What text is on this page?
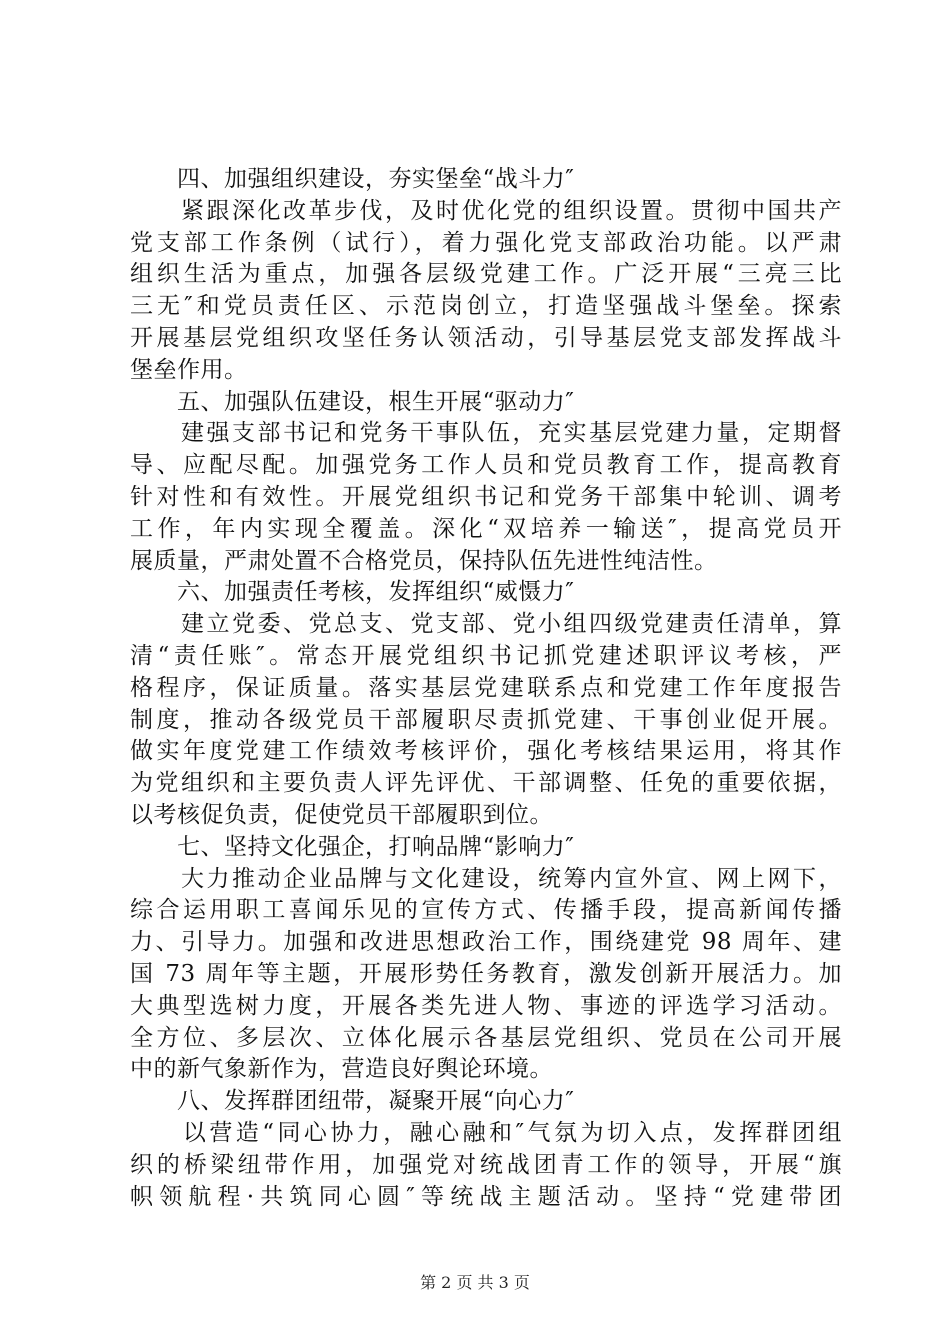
　　四、加强组织建设，夯实堡垒“战斗力″
　　紧跟深化改革步伐，及时优化党的组织设置。贯彻中国共产
党支部工作条例（试行），着力强化党支部政治功能。以严肃
组织生活为重点，加强各层级党建工作。广泛开展“三亮三比
三无″和党员责任区、示范岗创立，打造坚强战斗堡垒。探索
开展基层党组织攻坚任务认领活动，引导基层党支部发挥战斗
堡垒作用。
　　五、加强队伍建设，根生开展“驱动力″
　　建强支部书记和党务干事队伍，充实基层党建力量，定期督
导、应配尽配。加强党务工作人员和党员教育工作，提高教育
针对性和有效性。开展党组织书记和党务干部集中轮训、调考
工作，年内实现全覆盖。深化“双培养一输送″，提高党员开
展质量，严肃处置不合格党员，保持队伍先进性纯洁性。
　　六、加强责任考核，发挥组织“威慑力″
　　建立党委、党总支、党支部、党小组四级党建责任清单，算
清“责任账″。常态开展党组织书记抓党建述职评议考核，严
格程序，保证质量。落实基层党建联系点和党建工作年度报告
制度，推动各级党员干部履职尽责抓党建、干事创业促开展。
做实年度党建工作绩效考核评价，强化考核结果运用，将其作
为党组织和主要负责人评先评优、干部调整、任免的重要依据，
以考核促负责，促使党员干部履职到位。
　　七、坚持文化强企，打响品牌“影响力″
　　大力推动企业品牌与文化建设，统筹内宣外宣、网上网下，
综合运用职工喜闻乐见的宣传方式、传播手段，提高新闻传播
力、引导力。加强和改进思想政治工作，围绕建党 98 周年、建
国 73 周年等主题，开展形势任务教育，激发创新开展活力。加
大典型选树力度，开展各类先进人物、事迹的评选学习活动。
全方位、多层次、立体化展示各基层党组织、党员在公司开展
中的新气象新作为，营造良好舆论环境。
　　八、发挥群团纽带，凝聚开展“向心力″
　　以营造“同心协力，融心融和″气氛为切入点，发挥群团组
织的桥梁纽带作用，加强党对统战团青工作的领导，开展“旗
帜领航程·共筑同心圆″等统战主题活动。坚持“党建带团
第 2 页 共 3 页
